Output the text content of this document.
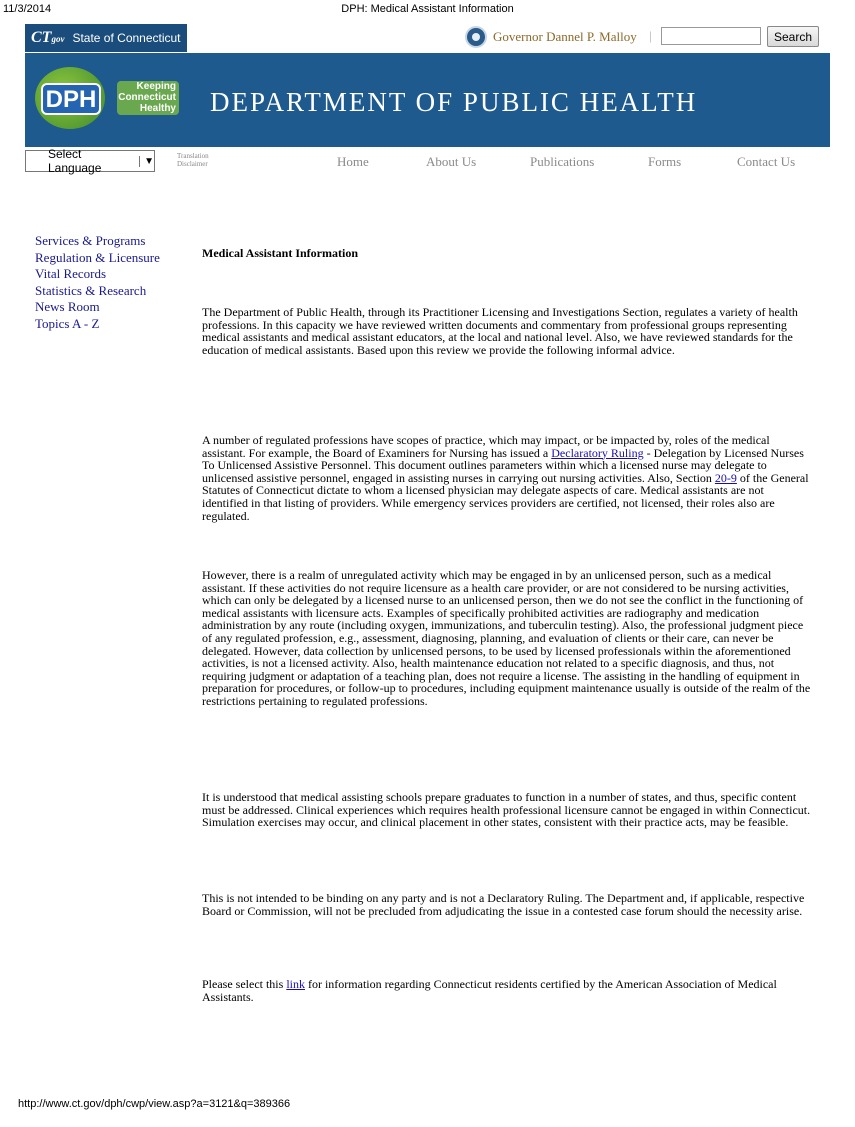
11/3/2014	DPH: Medical Assistant Information
CTgov State of Connecticut	Governor Dannel P. Malloy |	Search
DPH	Keeping
Connecticut
Healthy DEPARTMENT OF PUBLIC HEALTH
Select Language	▼	Translation
Disclaimer	Home	About Us	Publications	Forms	Contact Us
Services & Programs
Regulation & Licensure
Vital Records
Statistics & Research
News Room
Topics A - Z
Medical Assistant Information

The Department of Public Health, through its Practitioner Licensing and Investigations Section, regulates a variety of health professions. In this capacity we have reviewed written documents and commentary from professional groups representing medical assistants and medical assistant educators, at the local and national level. Also, we have reviewed standards for the education of medical assistants. Based upon this review we provide the following informal advice.

A number of regulated professions have scopes of practice, which may impact, or be impacted by, roles of the medical assistant. For example, the Board of Examiners for Nursing has issued a Declaratory Ruling - Delegation by Licensed Nurses To Unlicensed Assistive Personnel. This document outlines parameters within which a licensed nurse may delegate to unlicensed assistive personnel, engaged in assisting nurses in carrying out nursing activities. Also, Section 20-9 of the General Statutes of Connecticut dictate to whom a licensed physician may delegate aspects of care. Medical assistants are not identified in that listing of providers. While emergency services providers are certified, not licensed, their roles also are regulated.

However, there is a realm of unregulated activity which may be engaged in by an unlicensed person, such as a medical assistant. If these activities do not require licensure as a health care provider, or are not considered to be nursing activities, which can only be delegated by a licensed nurse to an unlicensed person, then we do not see the conflict in the functioning of medical assistants with licensure acts. Examples of specifically prohibited activities are radiography and medication administration by any route (including oxygen, immunizations, and tuberculin testing). Also, the professional judgment piece of any regulated profession, e.g., assessment, diagnosing, planning, and evaluation of clients or their care, can never be delegated. However, data collection by unlicensed persons, to be used by licensed professionals within the aforementioned activities, is not a licensed activity. Also, health maintenance education not related to a specific diagnosis, and thus, not requiring judgment or adaptation of a teaching plan, does not require a license. The assisting in the handling of equipment in preparation for procedures, or follow-up to procedures, including equipment maintenance usually is outside of the realm of the restrictions pertaining to regulated professions.

It is understood that medical assisting schools prepare graduates to function in a number of states, and thus, specific content must be addressed. Clinical experiences which requires health professional licensure cannot be engaged in within Connecticut. Simulation exercises may occur, and clinical placement in other states, consistent with their practice acts, may be feasible.

This is not intended to be binding on any party and is not a Declaratory Ruling. The Department and, if applicable, respective Board or Commission, will not be precluded from adjudicating the issue in a contested case forum should the necessity arise.

Please select this link for information regarding Connecticut residents certified by the American Association of Medical Assistants.

http://www.ct.gov/dph/cwp/view.asp?a=3121&q=389366
